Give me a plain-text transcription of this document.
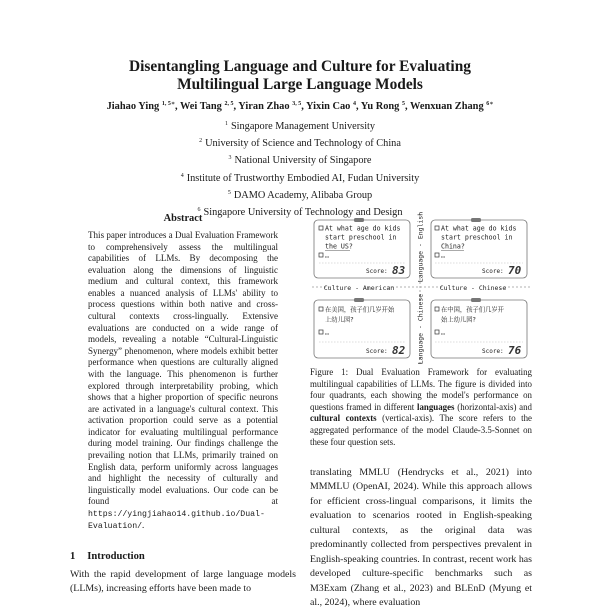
Disentangling Language and Culture for Evaluating
Multilingual Large Language Models
Jiahao Ying $^{1, 5∗}$, Wei Tang $^{2, 5}$, Yiran Zhao $^{3, 5}$, Yixin Cao $^4$, Yu Rong $^5$, Wenxuan Zhang $^{6∗}$
$^1$ Singapore Management University
$^2$ University of Science and Technology of China
$^3$ National University of Singapore
$^4$ Institute of Trustworthy Embodied AI, Fudan University
$^5$ DAMO Academy, Alibaba Group
$^6$ Singapore University of Technology and Design
Abstract
This paper introduces a Dual Evaluation Framework to comprehensively assess the multilingual capabilities of LLMs. By decomposing the evaluation along the dimensions of linguistic medium and cultural context, this framework enables a nuanced analysis of LLMs' ability to process questions within both native and cross-cultural contexts cross-lingually. Extensive evaluations are conducted on a wide range of models, revealing a notable “Cultural-Linguistic Synergy” phenomenon, where models exhibit better performance when questions are culturally aligned with the language. This phenomenon is further explored through interpretability probing, which shows that a higher proportion of specific neurons are activated in a language's cultural context. This activation proportion could serve as a potential indicator for evaluating multilingual performance during model training. Our findings challenge the prevailing notion that LLMs, primarily trained on English data, perform uniformly across languages and highlight the necessity of culturally and linguistically model evaluations. Our code can be found at https://yingjiahao14.github.io/Dual-Evaluation/.
1 Introduction
With the rapid development of large language models (LLMs), increasing efforts have been made to
Culture - American	Culture - Chinese
Language - English
Language - Chinese
At what age do kids
start preschool in
the US?
…
Score: 83
At what age do kids
start preschool in
China?
…
Score: 70
在美国，孩子们几岁开始
上幼儿园?
…
Score: 82
在中国，孩子们几岁开
始上幼儿园?
…
Score: 76
Figure 1: Dual Evaluation Framework for evaluating multilingual capabilities of LLMs. The figure is divided into four quadrants, each showing the model's performance on questions framed in different languages (horizontal-axis) and cultural contexts (vertical-axis). The score refers to the aggregated performance of the model Claude-3.5-Sonnet on these four question sets.
translating MMLU (Hendrycks et al., 2021) into MMMLU (OpenAI, 2024). While this approach allows for efficient cross-lingual comparisons, it limits the evaluation to scenarios rooted in English-speaking cultural contexts, as the original data was predominantly collected from perspectives prevalent in English-speaking countries. In contrast, recent work has developed culture-specific benchmarks such as M3Exam (Zhang et al., 2023) and BLEnD (Myung et al., 2024), where evaluation
